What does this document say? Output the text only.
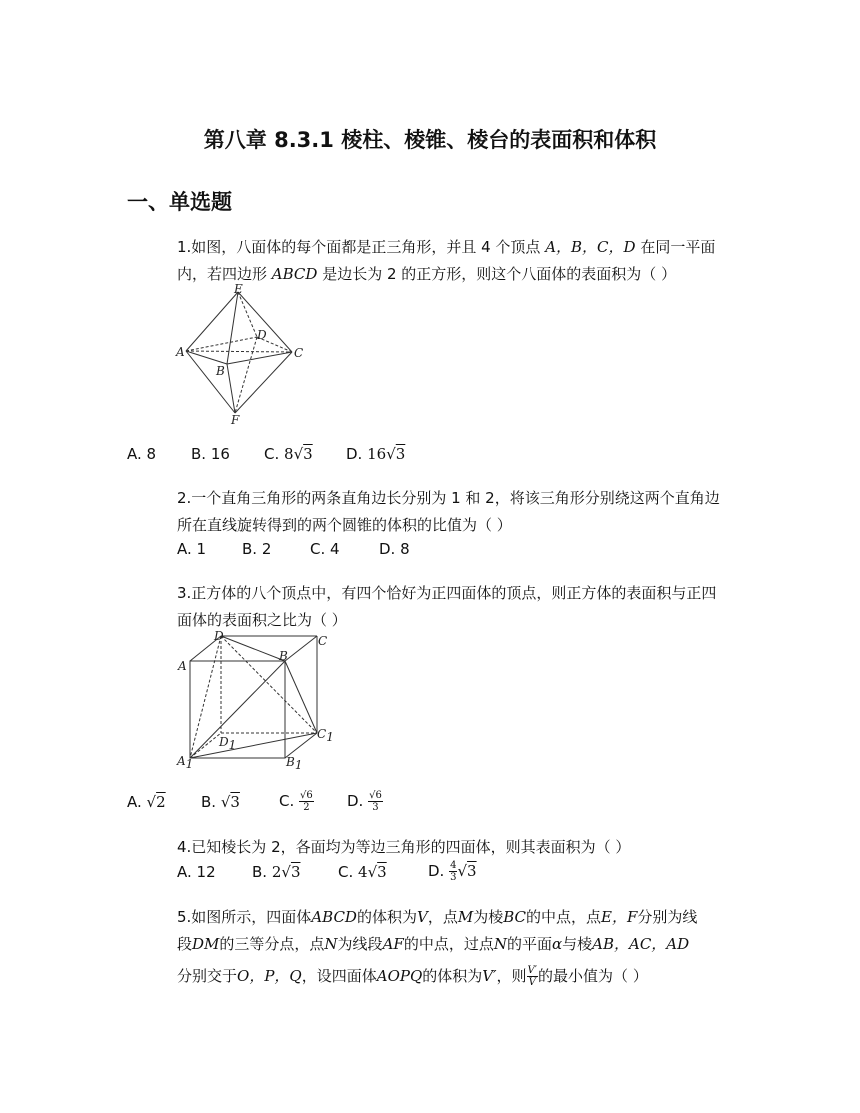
第八章 8.3.1 棱柱、棱锥、棱台的表面积和体积
一、单选题
1.如图，八面体的每个面都是正三角形，并且 4 个顶点 A，B，C，D 在同一平面
内，若四边形 ABCD 是边长为 2 的正方形，则这个八面体的表面积为（ ）
E
D
A	C
B
F
A. 8 B. 16 C. 8√3 D. 16√3
2.一个直角三角形的两条直角边长分别为 1 和 2，将该三角形分别绕这两个直角边
所在直线旋转得到的两个圆锥的体积的比值为（ ）
A. 1 B. 2	C. 4	D. 8
3.正方体的八个顶点中，有四个恰好为正四面体的顶点，则正方体的表面积与正四
面体的表面积之比为（ ）
D	C
A
B
D1
C1
A1	B1
A. √2 B. √3	C. $\frac{√6}{2} D$. $\frac{√6}{3}$
4.已知棱长为 2，各面均为等边三角形的四面体，则其表面积为（ ）
A. 12 B. 2√3	C. 4√3	D. $\frac{4}{3} √3$
5.如图所示，四面体ABCD的体积为V，点M为棱BC的中点，点E，F分别为线
段DM的三等分点，点N为线段AF的中点，过点N的平面α与棱AB，AC，AD
分别交于O，P，Q，设四面体AOPQ的体积为V′，则 $\frac{V'}{V}$ 的最小值为（ ）
